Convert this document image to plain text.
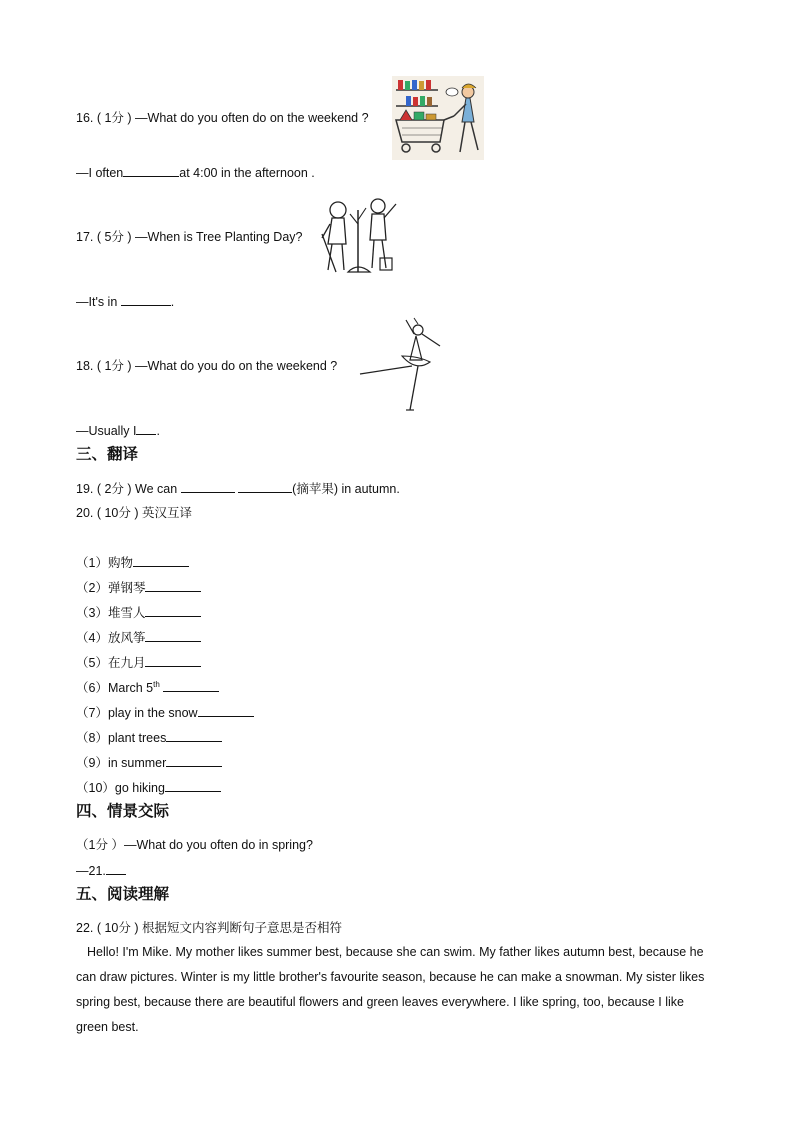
16. ( 1分 ) —What do you often do on the weekend ?
—I often	at 4:00 in the afternoon .
17. ( 5分 ) —When is Tree Planting Day?
—It's in	.
18. ( 1分 ) —What do you do on the weekend ?
—Usually I .
三、翻译
19. ( 2分 ) We can	(摘苹果) in autumn.
20. ( 10分 ) 英汉互译
（1）购物
（2）弹钢琴
（3）堆雪人
（4）放风筝
（5）在九月
（6）March 5th
（7）play in the snow
（8）plant trees
（9）in summer
（10）go hiking
四、情景交际
（1分 ）—What do you often do in spring?
—21.
五、阅读理解
22. ( 10分 ) 根据短文内容判断句子意思是否相符
Hello! I'm Mike. My mother likes summer best, because she can swim. My father likes autumn best, because he can draw pictures. Winter is my little brother's favourite season, because he can make a snowman. My sister likes spring best, because there are beautiful flowers and green leaves everywhere. I like spring, too, because I like green best.
